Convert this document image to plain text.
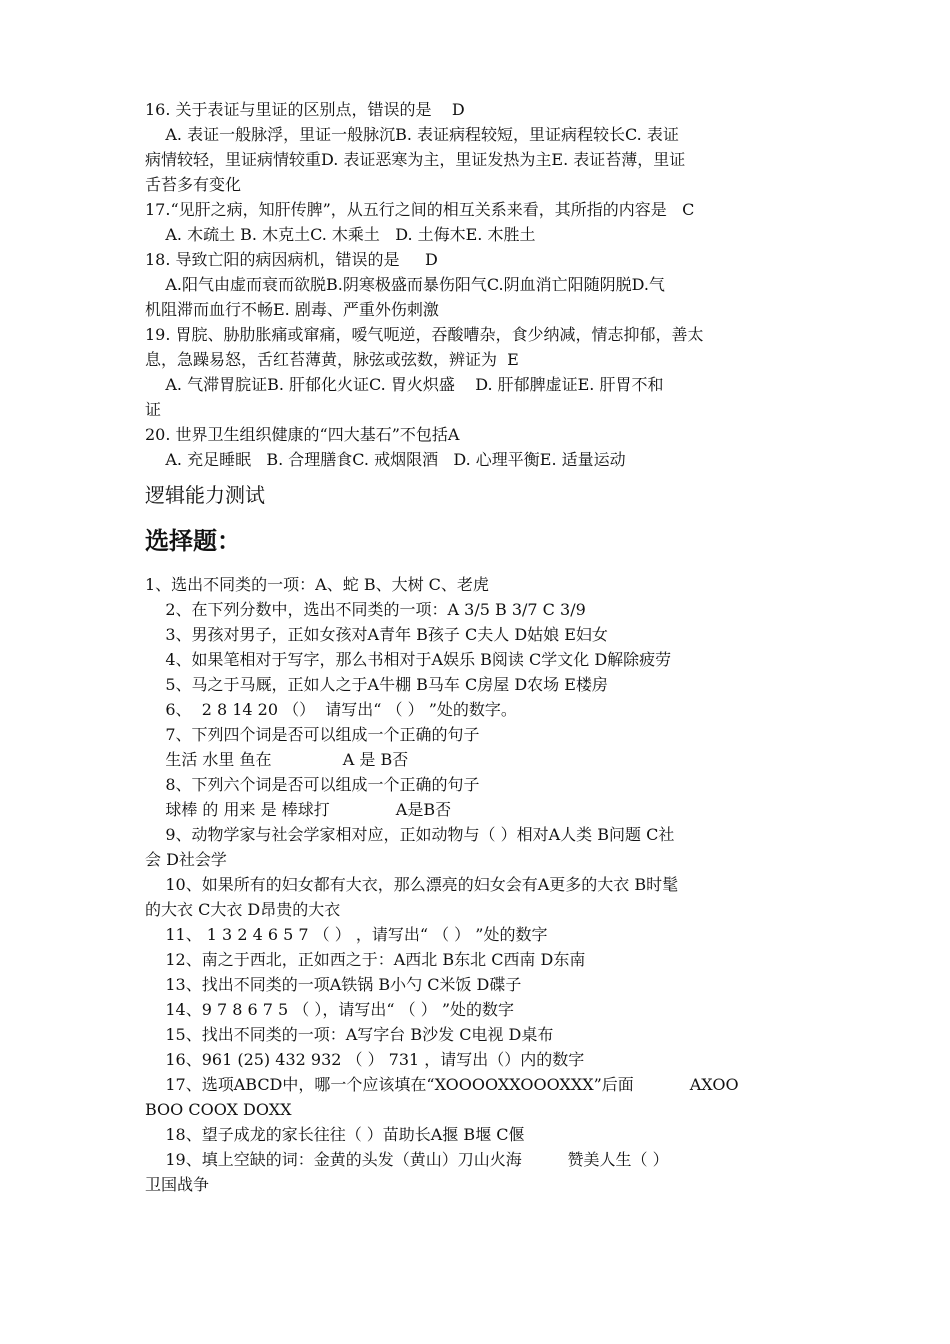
16. 关于表证与里证的区别点，错误的是    D
A. 表证一般脉浮，里证一般脉沉B. 表证病程较短，里证病程较长C. 表证
病情较轻，里证病情较重D. 表证恶寒为主，里证发热为主E. 表证苔薄，里证
舌苔多有变化
17.“见肝之病，知肝传脾”，从五行之间的相互关系来看，其所指的内容是   C
A. 木疏土 B. 木克土C. 木乘土   D. 土侮木E. 木胜土
18. 导致亡阳的病因病机，错误的是     D
A.阳气由虚而衰而欲脱B.阴寒极盛而暴伤阳气C.阴血消亡阳随阴脱D.气
机阻滞而血行不畅E. 剧毒、严重外伤刺激
19. 胃脘、胁肋胀痛或窜痛，嗳气呃逆，吞酸嘈杂，食少纳减，情志抑郁，善太
息，急躁易怒，舌红苔薄黄，脉弦或弦数，辨证为  E
A. 气滞胃脘证B. 肝郁化火证C. 胃火炽盛    D. 肝郁脾虚证E. 肝胃不和
证
20. 世界卫生组织健康的“四大基石”不包括A
A. 充足睡眠   B. 合理膳食C. 戒烟限酒   D. 心理平衡E. 适量运动
逻辑能力测试
选择题：
1、选出不同类的一项：A、蛇 B、大树 C、老虎
2、在下列分数中，选出不同类的一项：A 3/5 B 3/7 C 3/9
3、男孩对男子，正如女孩对A青年 B孩子 C夫人 D姑娘 E妇女
4、如果笔相对于写字，那么书相对于A娱乐 B阅读 C学文化 D解除疲劳
5、马之于马厩，正如人之于A牛棚 B马车 C房屋 D农场 E楼房
6、  2 8 14 20 （）  请写出“ （ ） ”处的数字。
7、下列四个词是否可以组成一个正确的句子
生活 水里 鱼在              A 是 B否
8、下列六个词是否可以组成一个正确的句子
球棒 的 用来 是 棒球打             A是B否
9、动物学家与社会学家相对应，正如动物与（ ）相对A人类 B问题 C社
会 D社会学
10、如果所有的妇女都有大衣，那么漂亮的妇女会有A更多的大衣 B时髦
的大衣 C大衣 D昂贵的大衣
11、 1 3 2 4 6 5 7 （ ） ，请写出“ （ ） ”处的数字
12、南之于西北，正如西之于：A西北 B东北 C西南 D东南
13、找出不同类的一项A铁锅 B小勺 C米饭 D碟子
14、9 7 8 6 7 5 （ ），请写出“ （ ） ”处的数字
15、找出不同类的一项：A写字台 B沙发 C电视 D桌布
16、961 (25) 432 932 （ ） 731 ，请写出（）内的数字
17、选项ABCD中，哪一个应该填在“XOOOOXXOOOXXX”后面           AXOO
BOO COOX DOXX
18、望子成龙的家长往往（ ）苗助长A揠 B堰 C偃
19、填上空缺的词：金黄的头发（黄山）刀山火海         赞美人生（ ）
卫国战争
